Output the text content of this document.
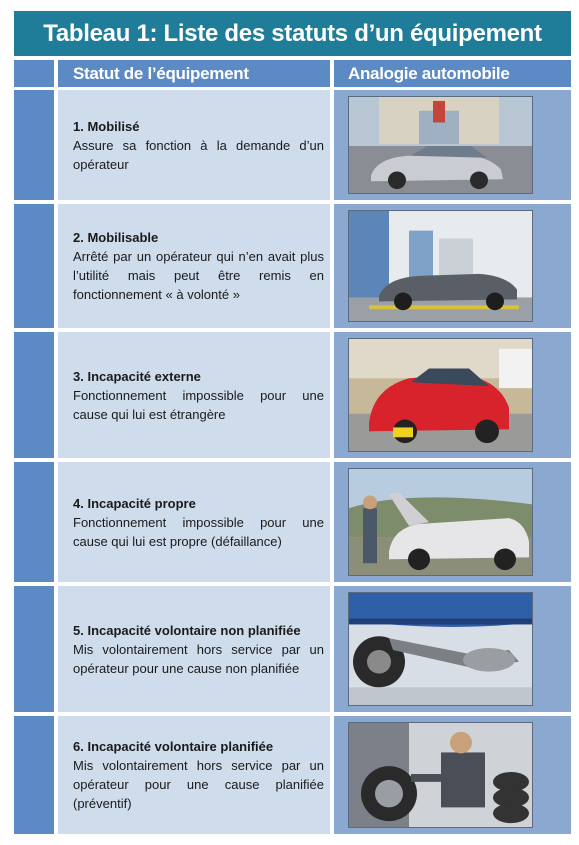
Tableau 1: Liste des statuts d’un équipement
Statut de l’équipement	Analogie automobile
1. Mobilisé
Assure sa fonction à la demande d’un opérateur
2. Mobilisable
Arrêté par un opérateur qui n’en avait plus l’utilité mais peut être remis en fonctionnement « à volonté »
3. Incapacité externe
Fonctionnement impossible pour une cause qui lui est étrangère
4. Incapacité propre
Fonctionnement impossible pour une cause qui lui est propre (défaillance)
5. Incapacité volontaire non planifiée
Mis volontairement hors service par un opérateur pour une cause non planifiée
6. Incapacité volontaire planifiée
Mis volontairement hors service par un opérateur pour une cause planifiée (préventif)
